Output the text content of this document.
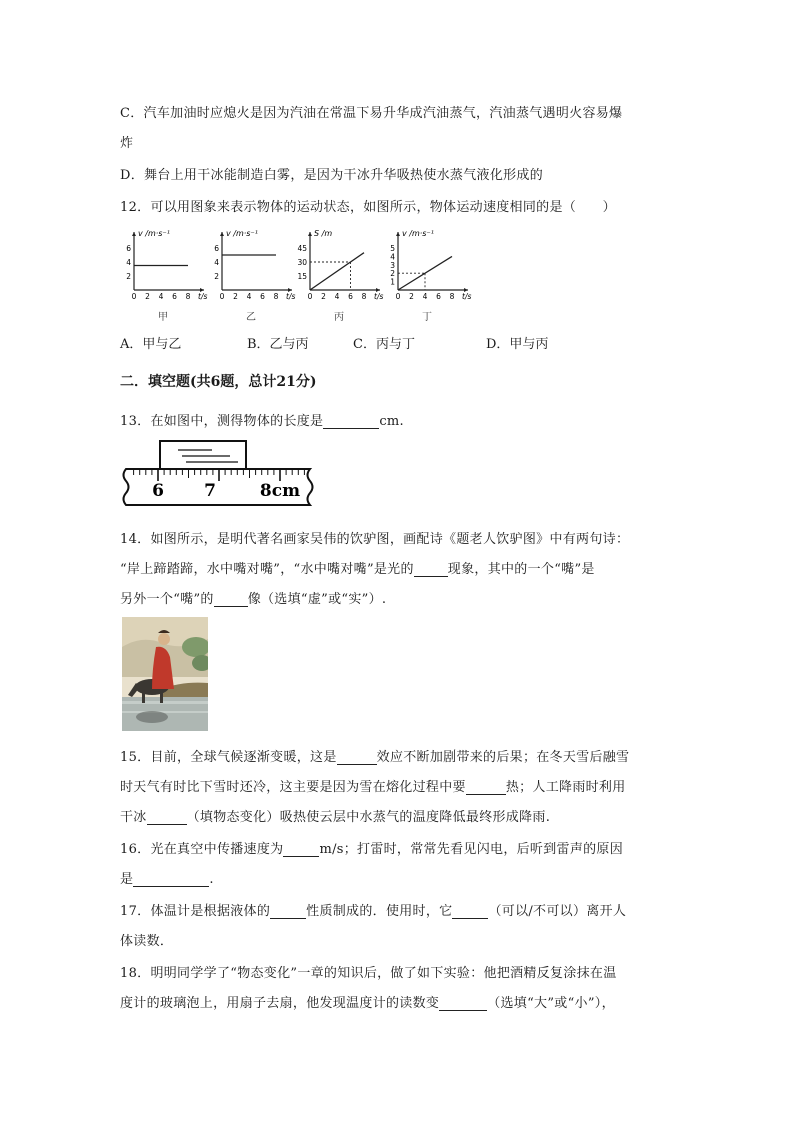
C．汽车加油时应熄火是因为汽油在常温下易升华成汽油蒸气，汽油蒸气遇明火容易爆
炸
D．舞台上用干冰能制造白雾，是因为干冰升华吸热使水蒸气液化形成的
12．可以用图象来表示物体的运动状态，如图所示，物体运动速度相同的是（　　）
v /m·s⁻¹
0 2 4 6 8 t/s
6
4
2
甲
v /m·s⁻¹
0 2 4 6 8 t/s
6
4
2
乙
S /m
0 2 4 6 8 t/s
45
30
15
丙
v /m·s⁻¹
0 2 4 6 8 t/s
5
4
3
2
1
丁
A．甲与乙	B．乙与丙	C．丙与丁	D．甲与丙
二．填空题(共6题，总计21分)
13．在如图中，测得物体的长度是	cm.
6 7	8cm
14．如图所示，是明代著名画家吴伟的饮驴图，画配诗《题老人饮驴图》中有两句诗：
“岸上蹄踏蹄，水中嘴对嘴”，“水中嘴对嘴”是光的	现象，其中的一个“嘴”是
另外一个“嘴”的	像（选填“虚”或“实”）.
15．目前，全球气候逐渐变暖，这是	效应不断加剧带来的后果；在冬天雪后融雪
时天气有时比下雪时还冷，这主要是因为雪在熔化过程中要	热；人工降雨时利用
干冰	（填物态变化）吸热使云层中水蒸气的温度降低最终形成降雨.
16．光在真空中传播速度为	m/s；打雷时，常常先看见闪电，后听到雷声的原因
是	.
17．体温计是根据液体的	性质制成的．使用时，它	（可以/不可以）离开人
体读数．
18．明明同学学了“物态变化”一章的知识后，做了如下实验：他把酒精反复涂抹在温
度计的玻璃泡上，用扇子去扇，他发现温度计的读数变	（选填“大”或“小”），
